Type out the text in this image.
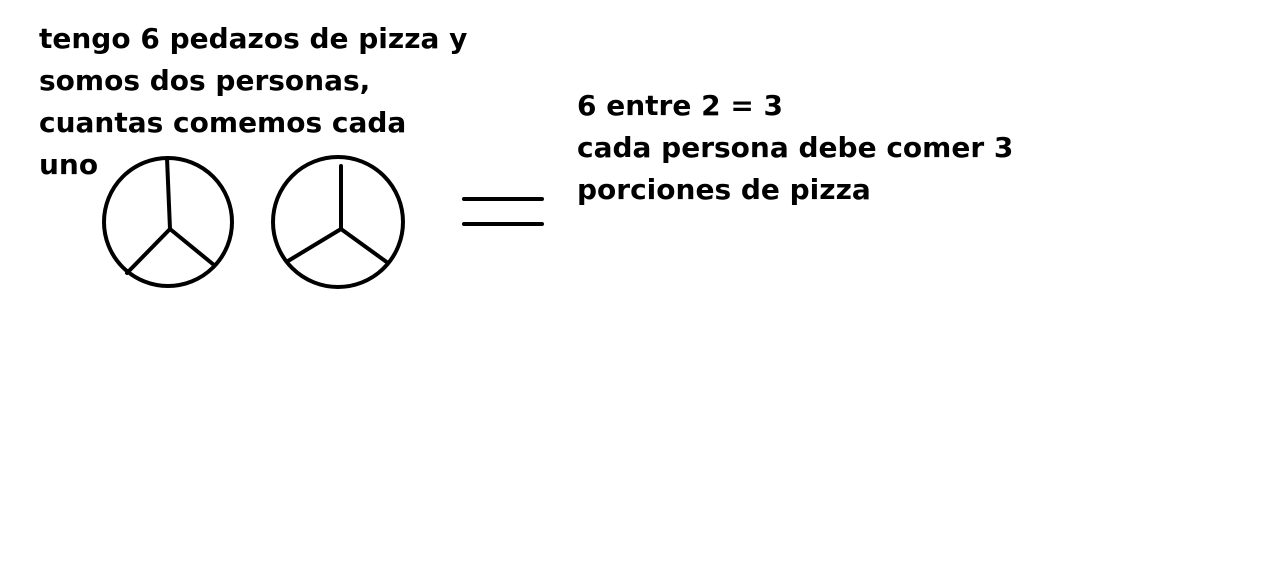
tengo 6 pedazos de pizza y
somos dos personas,
cuantas comemos cada
uno
6 entre 2 = 3
cada persona debe comer 3
porciones de pizza
